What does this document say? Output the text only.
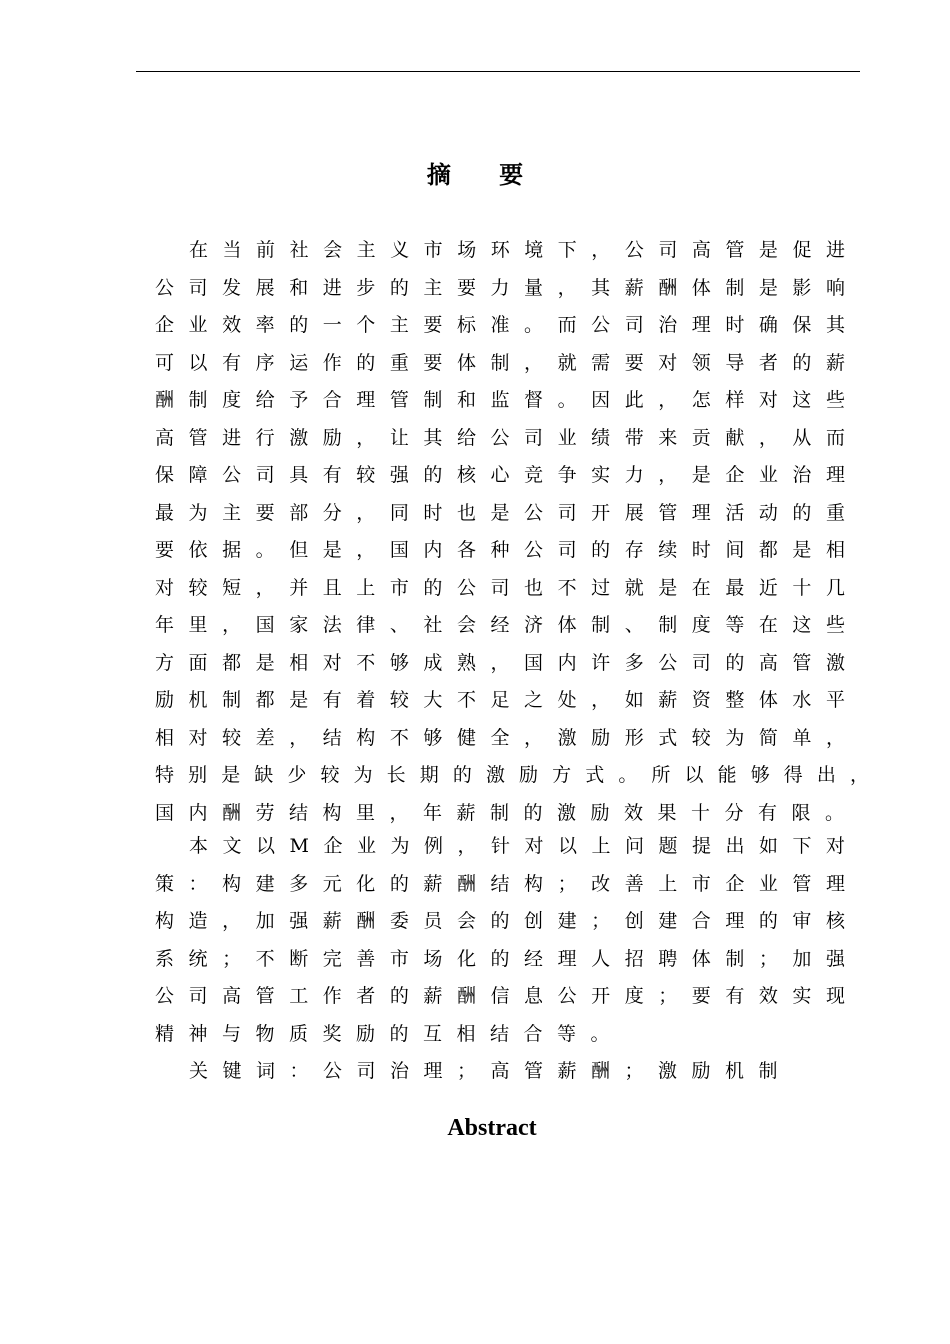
摘 要
在当前社会主义市场环境下，公司高管是促进
公司发展和进步的主要力量，其薪酬体制是影响
企业效率的一个主要标准。而公司治理时确保其
可以有序运作的重要体制，就需要对领导者的薪
酬制度给予合理管制和监督。因此，怎样对这些
高管进行激励，让其给公司业绩带来贡献，从而
保障公司具有较强的核心竞争实力，是企业治理
最为主要部分，同时也是公司开展管理活动的重
要依据。但是，国内各种公司的存续时间都是相
对较短，并且上市的公司也不过就是在最近十几
年里，国家法律、社会经济体制、制度等在这些
方面都是相对不够成熟，国内许多公司的高管激
励机制都是有着较大不足之处，如薪资整体水平
相对较差，结构不够健全，激励形式较为简单，
特别是缺少较为长期的激励方式。所以能够得出，
国内酬劳结构里，年薪制的激励效果十分有限。
本文以M企业为例，针对以上问题提出如下对
策：构建多元化的薪酬结构；改善上市企业管理
构造，加强薪酬委员会的创建；创建合理的审核
系统；不断完善市场化的经理人招聘体制；加强
公司高管工作者的薪酬信息公开度；要有效实现
精神与物质奖励的互相结合等。
关键词：公司治理；高管薪酬；激励机制
Abstract
